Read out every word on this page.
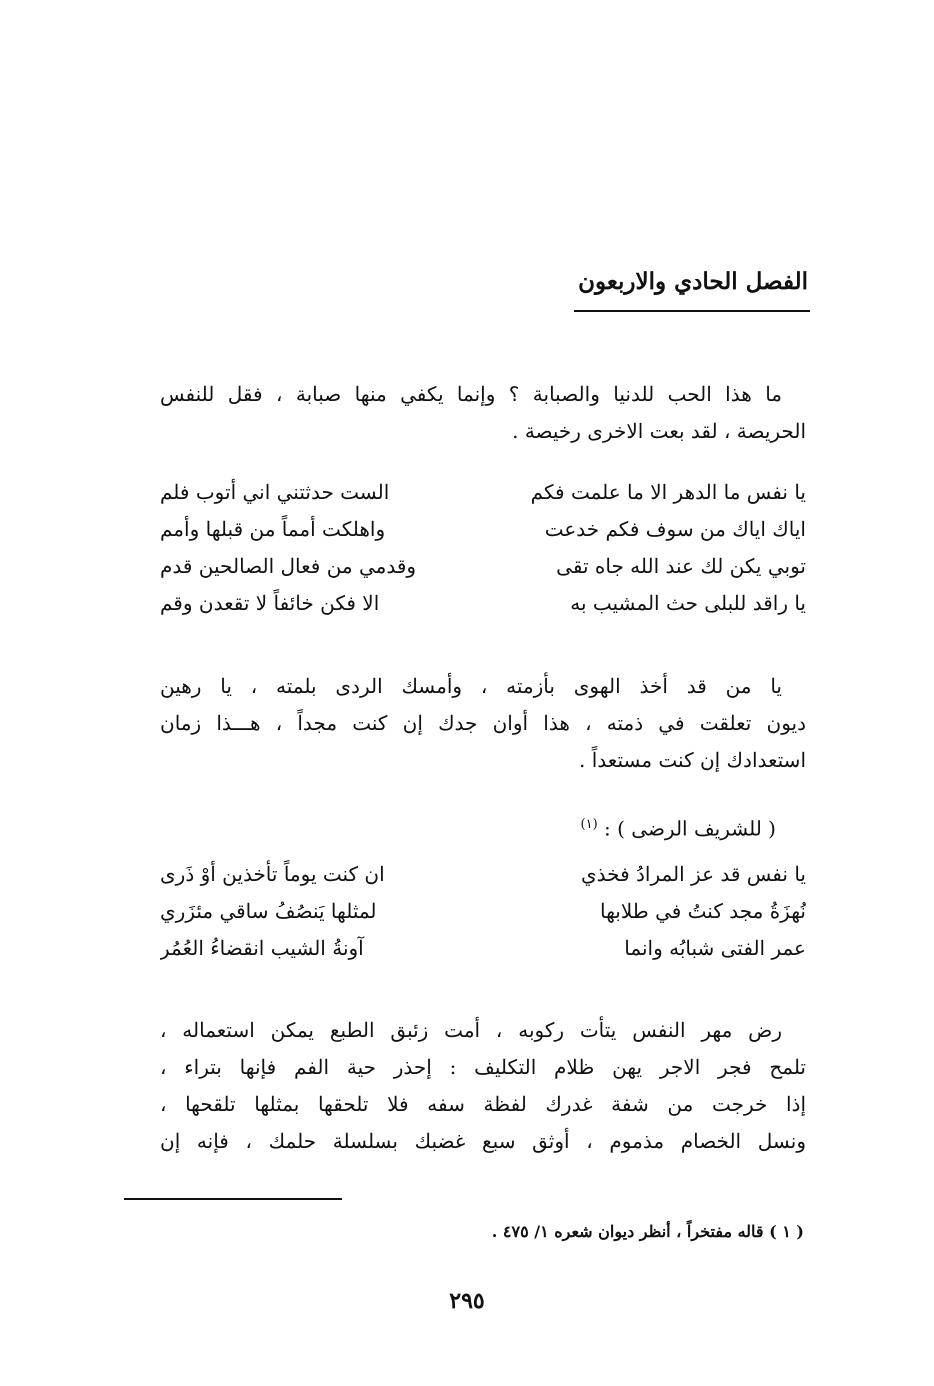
الفصل الحادي والاربعون

ما هذا الحب للدنيا والصبابة ؟ وإنما يكفي منها صبابة ، فقل للنفس
الحريصة ، لقد بعت الاخرى رخيصة .

يا نفس ما الدهر الا ما علمت فكم
الست حدثتني اني أتوب فلم
اياك اياك من سوف فكم خدعت
واهلكت أمماً من قبلها وأمم
توبي يكن لك عند الله جاه تقى
وقدمي من فعال الصالحين قدم
يا راقد للبلى حث المشيب به
الا فكن خائفاً لا تقعدن وقم

يا من قد أخذ الهوى بأزمته ، وأمسك الردى بلمته ، يا رهين
ديون تعلقت في ذمته ، هذا أوان جدك إن كنت مجداً ، هـــذا زمان
استعدادك إن كنت مستعداً .

( للشريف الرضى ) : $^{(١)}$
يا نفس قد عز المرادُ فخذي
ان كنت يوماً تأخذين أوْ ذَرى
نُهزَةُ مجد كنتُ في طلابها
لمثلها يَنصُفُ ساقي مئزَري
عمر الفتى شبابُه وانما
آونةُ الشيب انقضاءُ العُمُر

رض مهر النفس يتأت ركوبه ، أمت زئبق الطبع يمكن استعماله ،
تلمح فجر الاجر يهن ظلام التكليف : إحذر حية الفم فإنها بتراء ،
إذا خرجت من شفة غدرك لفظة سفه فلا تلحقها بمثلها تلقحها ،
ونسل الخصام مذموم ، أوثق سبع غضبك بسلسلة حلمك ، فإنه إن

( ١ ) قاله مفتخراً ، أنظر ديوان شعره ١/ ٤٧٥ .
٢٩٥
